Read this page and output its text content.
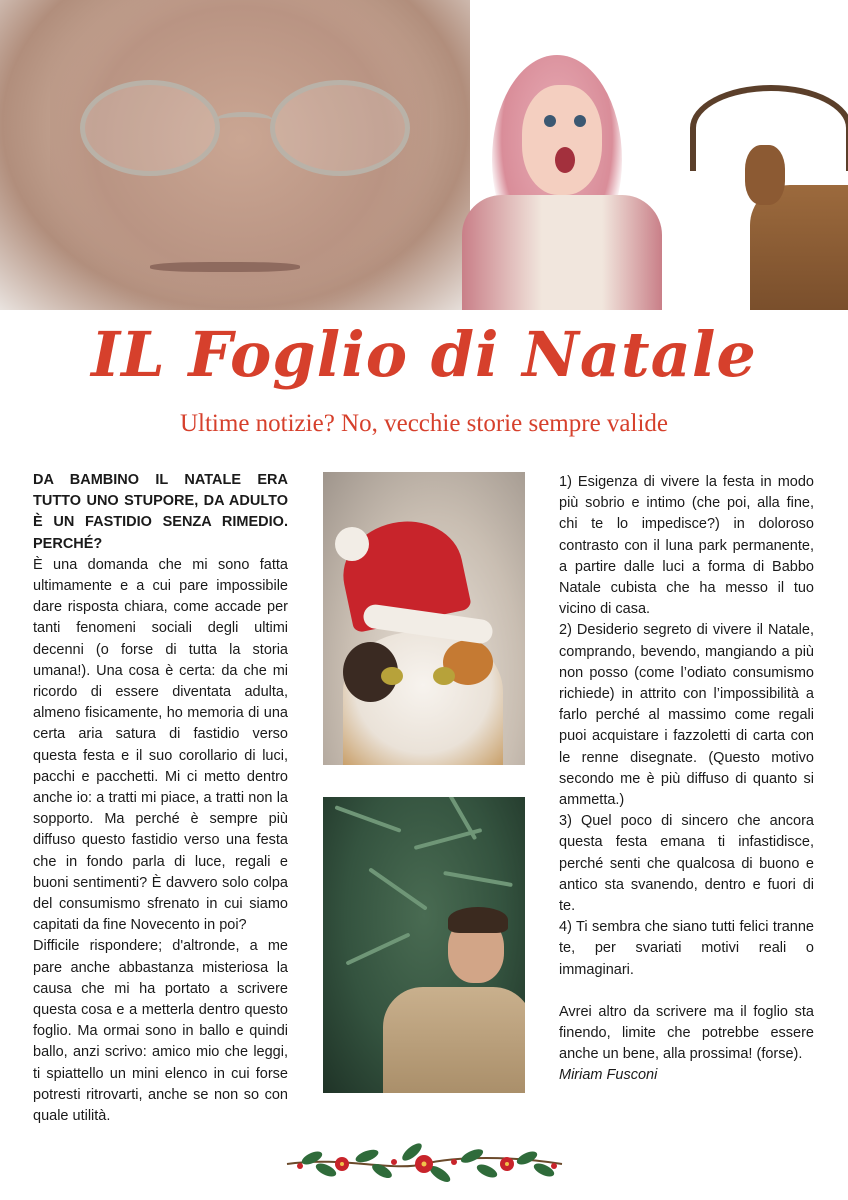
IL Foglio di Natale

Ultime notizie? No, vecchie storie sempre valide

DA BAMBINO IL NATALE ERA TUTTO UNO STUPORE, DA ADULTO È UN FASTIDIO SENZA RIMEDIO. PERCHÉ?

È una domanda che mi sono fatta ultimamente e a cui pare impossibile dare risposta chiara, come accade per tanti fenomeni sociali degli ultimi decenni (o forse di tutta la storia umana!). Una cosa è certa: da che mi ricordo di essere diventata adulta, almeno fisicamente, ho memoria di una certa aria satura di fastidio verso questa festa e il suo corollario di luci, pacchi e pacchetti. Mi ci metto dentro anche io: a tratti mi piace, a tratti non la sopporto. Ma perché è sempre più diffuso questo fastidio verso una festa che in fondo parla di luce, regali e buoni sentimenti? È davvero solo colpa del consumismo sfrenato in cui siamo capitati da fine Novecento in poi?

Difficile rispondere; d'altronde, a me pare anche abbastanza misteriosa la causa che mi ha portato a scrivere questa cosa e a metterla dentro questo foglio. Ma ormai sono in ballo e quindi ballo, anzi scrivo: amico mio che leggi, ti spiattello un mini elenco in cui forse potresti ritrovarti, anche se non so con quale utilità.

1) Esigenza di vivere la festa in modo più sobrio e intimo (che poi, alla fine, chi te lo impedisce?) in doloroso contrasto con il luna park permanente, a partire dalle luci a forma di Babbo Natale cubista che ha messo il tuo vicino di casa.

2) Desiderio segreto di vivere il Natale, comprando, bevendo, mangiando a più non posso (come l’odiato consumismo richiede) in attrito con l’impossibilità a farlo perché al massimo come regali puoi acquistare i fazzoletti di carta con le renne disegnate. (Questo motivo secondo me è più diffuso di quanto si ammetta.)

3) Quel poco di sincero che ancora questa festa emana ti infastidisce, perché senti che qualcosa di buono e antico sta svanendo, dentro e fuori di te.

4) Ti sembra che siano tutti felici tranne te, per svariati motivi reali o immaginari.

Avrei altro da scrivere ma il foglio sta finendo, limite che potrebbe essere anche un bene, alla prossima! (forse).

Miriam Fusconi
